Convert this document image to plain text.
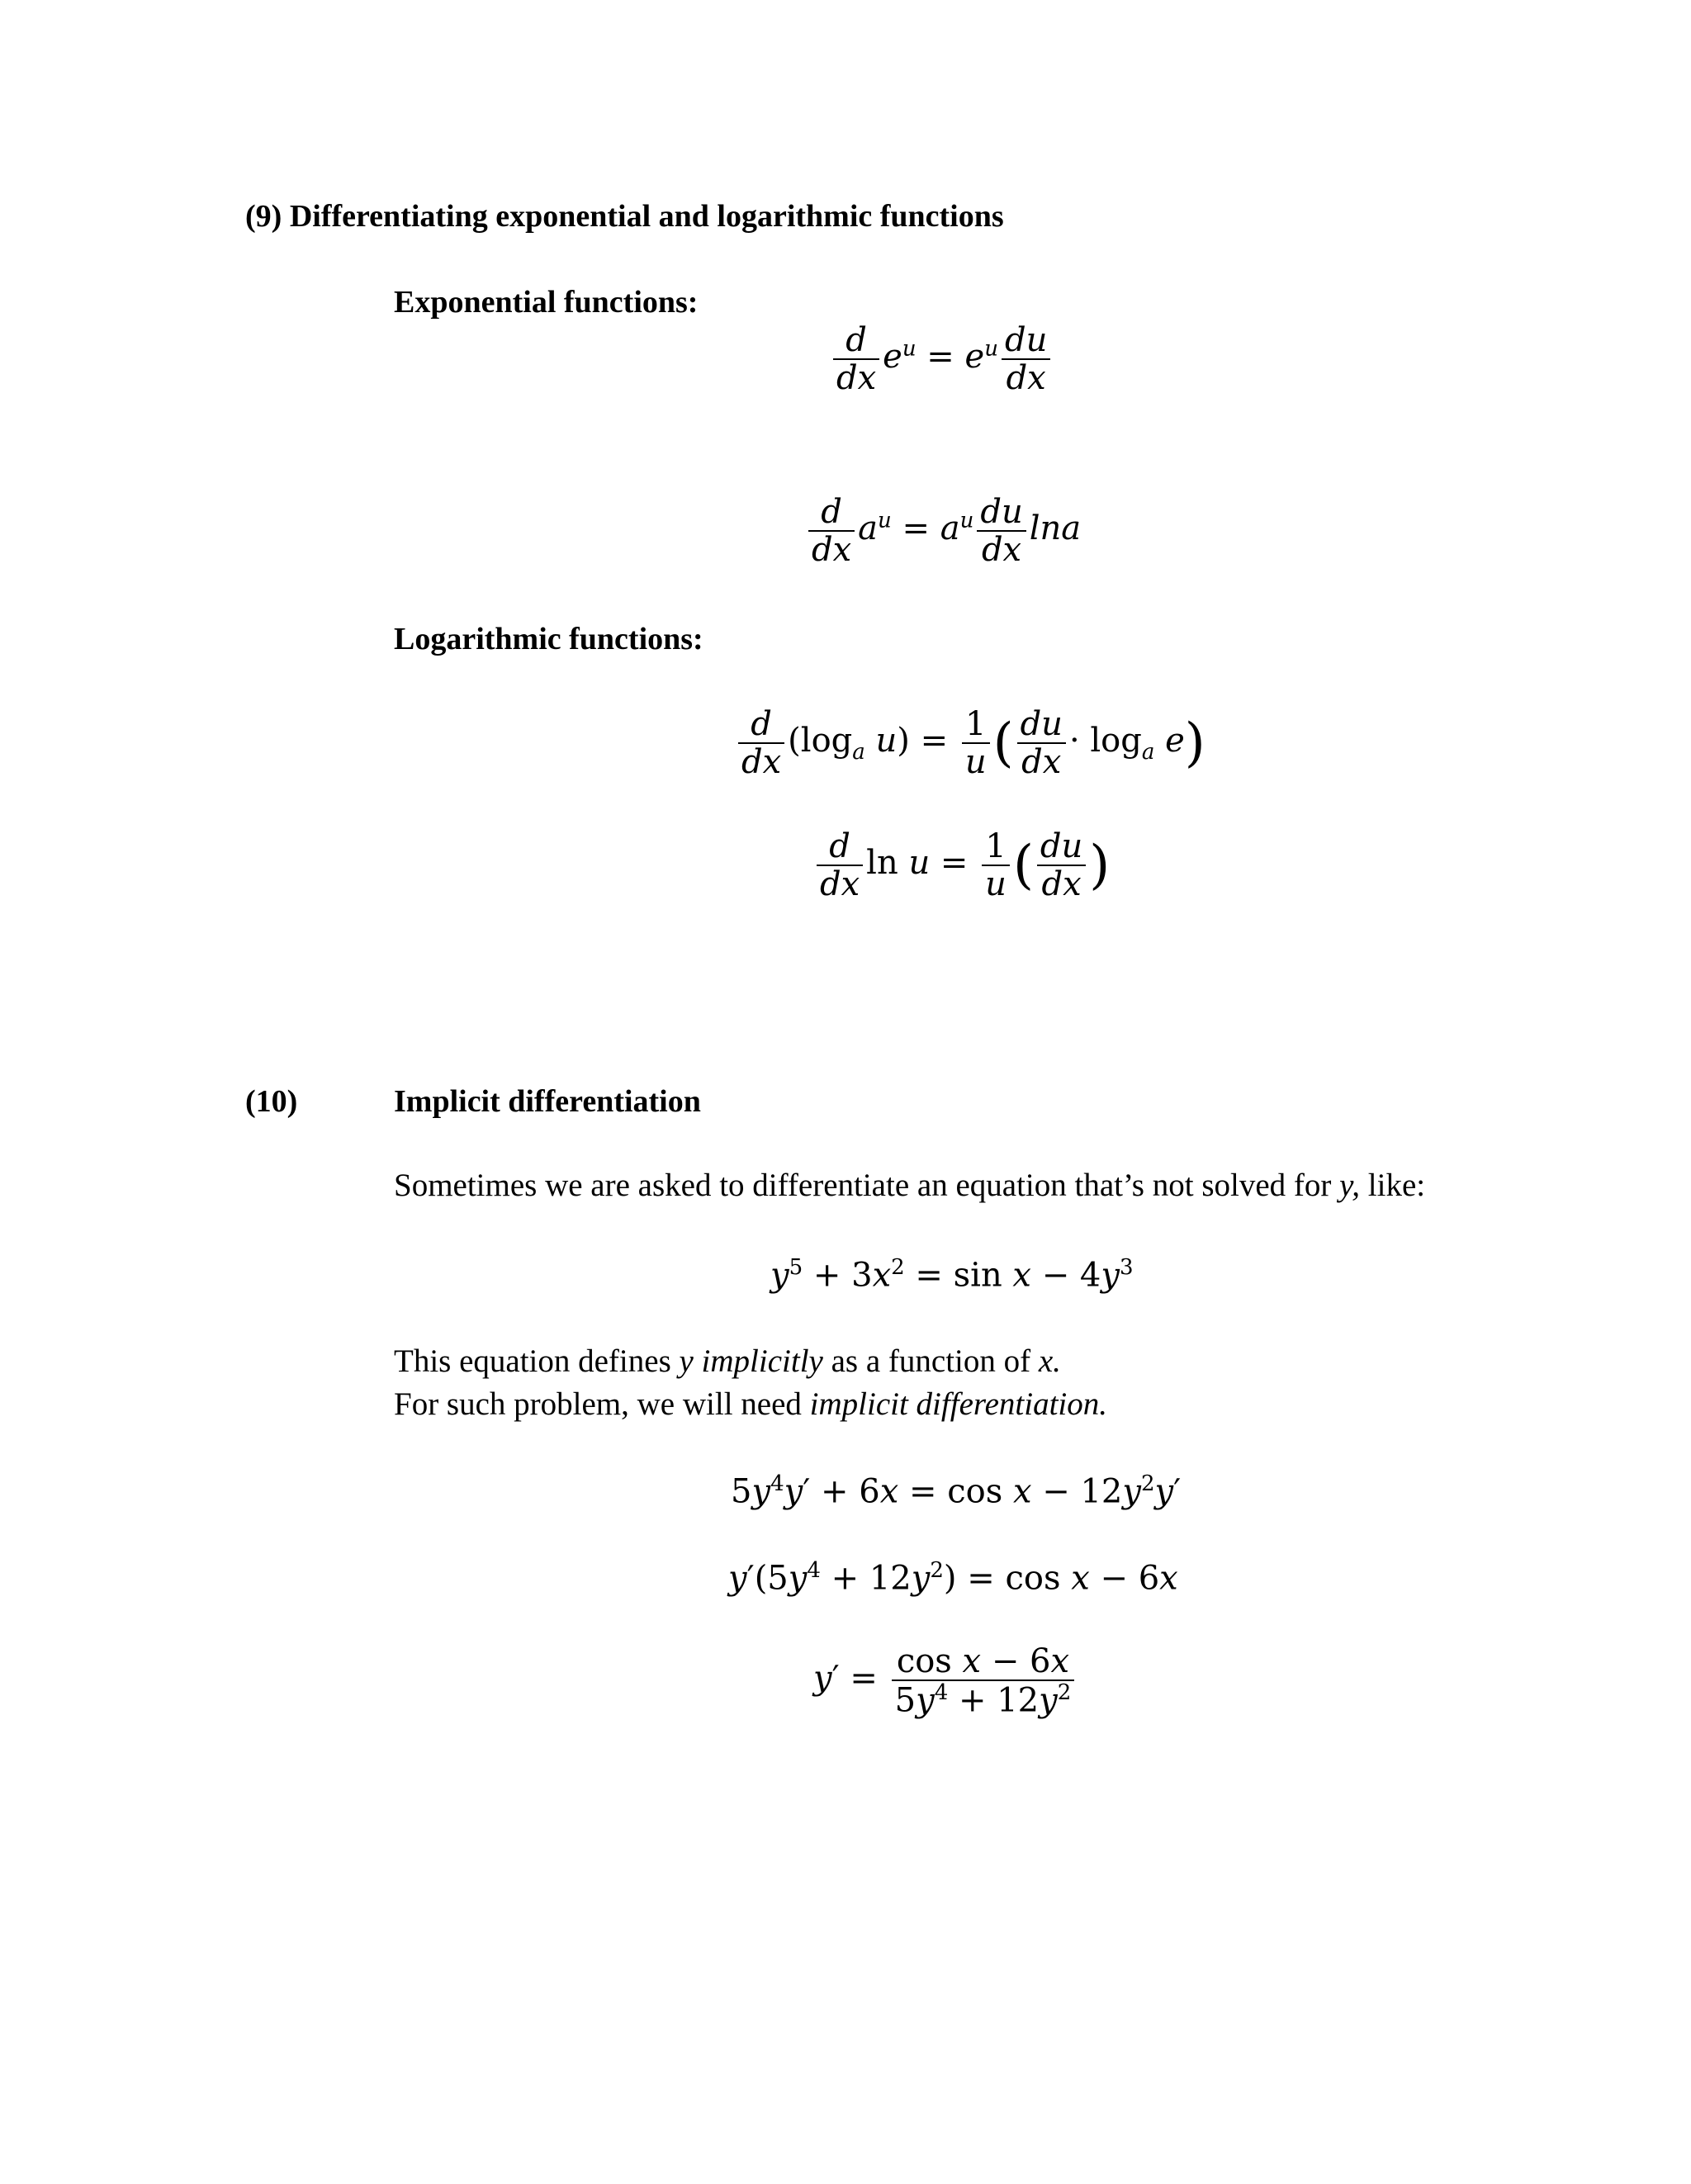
(9) Differentiating exponential and logarithmic functions
Exponential functions:
$\frac{d}{dx} e^u = e^u \frac{du}{dx}$
$\frac{d}{dx} a^u = a^u \frac{du}{dx}$ lna
Logarithmic functions:
$\frac{d}{dx} (\log_a$ $u) = \frac{1}{u}$ ( $\frac{du}{dx} \cdot \log_a e$)
$\frac{d}{dx}$ $\ln u = \frac{1}{u}$ ( $\frac{du}{dx}$ )
(10)	Implicit differentiation
Sometimes we are asked to differentiate an equation that’s not solved for y, like:
$y^5 + 3x^2 = \sin x - 4y^3$
This equation defines y implicitly as a function of x.
For such problem, we will need implicit differentiation.
$5y^4y' + 6x = \cos x - 12y^2y'$
$y'(5y^4 + 12y^2) = \cos x - 6x$
$y' = \frac{\text{cos x − 6x}}{5y^4 + 12y^2}$
